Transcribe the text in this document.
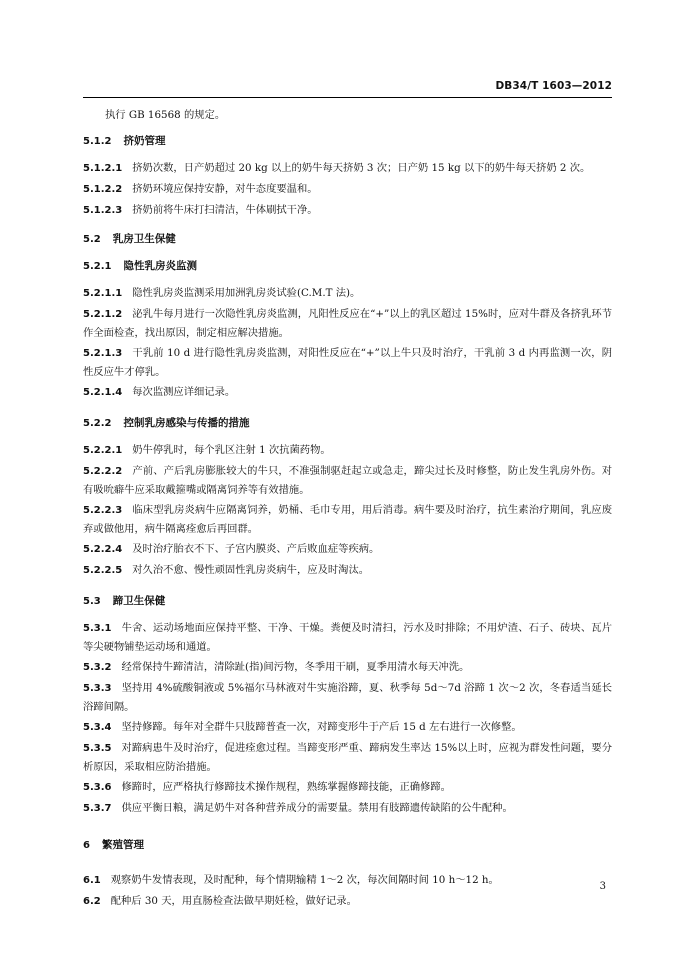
DB34/T 1603—2012
执行 GB 16568 的规定。
5.1.2 挤奶管理
5.1.2.1 挤奶次数，日产奶超过 20 kg 以上的奶牛每天挤奶 3 次；日产奶 15 kg 以下的奶牛每天挤奶 2 次。
5.1.2.2 挤奶环境应保持安静，对牛态度要温和。
5.1.2.3 挤奶前将牛床打扫清洁，牛体刷拭干净。
5.2 乳房卫生保健
5.2.1 隐性乳房炎监测
5.2.1.1 隐性乳房炎监测采用加洲乳房炎试验(C.M.T 法)。
5.2.1.2 泌乳牛每月进行一次隐性乳房炎监测，凡阳性反应在“+”以上的乳区超过 15%时，应对牛群及各挤乳环节作全面检查，找出原因，制定相应解决措施。
5.2.1.3 干乳前 10 d 进行隐性乳房炎监测，对阳性反应在“+”以上牛只及时治疗，干乳前 3 d 内再监测一次，阴性反应牛才停乳。
5.2.1.4 每次监测应详细记录。
5.2.2 控制乳房感染与传播的措施
5.2.2.1 奶牛停乳时，每个乳区注射 1 次抗菌药物。
5.2.2.2 产前、产后乳房膨胀较大的牛只，不准强制驱赶起立或急走，蹄尖过长及时修整，防止发生乳房外伤。对有吸吮癖牛应采取戴箍嘴或隔离饲养等有效措施。
5.2.2.3 临床型乳房炎病牛应隔离饲养，奶桶、毛巾专用，用后消毒。病牛要及时治疗，抗生素治疗期间，乳应废弃或做他用，病牛隔离痊愈后再回群。
5.2.2.4 及时治疗胎衣不下、子宫内膜炎、产后败血症等疾病。
5.2.2.5 对久治不愈、慢性顽固性乳房炎病牛，应及时淘汰。
5.3 蹄卫生保健
5.3.1 牛舍、运动场地面应保持平整、干净、干燥。粪便及时清扫，污水及时排除；不用炉渣、石子、砖块、瓦片等尖硬物铺垫运动场和通道。
5.3.2 经常保持牛蹄清洁，清除趾(指)间污物，冬季用干刷，夏季用清水每天冲洗。
5.3.3 坚持用 4%硫酸铜液或 5%福尔马林液对牛实施浴蹄，夏、秋季每 5d～7d 浴蹄 1 次～2 次，冬春适当延长浴蹄间隔。
5.3.4 坚持修蹄。每年对全群牛只肢蹄普查一次，对蹄变形牛于产后 15 d 左右进行一次修整。
5.3.5 对蹄病患牛及时治疗，促进痊愈过程。当蹄变形严重、蹄病发生率达 15%以上时，应视为群发性问题，要分析原因，采取相应防治措施。
5.3.6 修蹄时，应严格执行修蹄技术操作规程，熟练掌握修蹄技能，正确修蹄。
5.3.7 供应平衡日粮，满足奶牛对各种营养成分的需要量。禁用有肢蹄遗传缺陷的公牛配种。
6 繁殖管理
6.1 观察奶牛发情表现，及时配种，每个情期输精 1～2 次，每次间隔时间 10 h～12 h。
6.2 配种后 30 天，用直肠检查法做早期妊检，做好记录。
3
